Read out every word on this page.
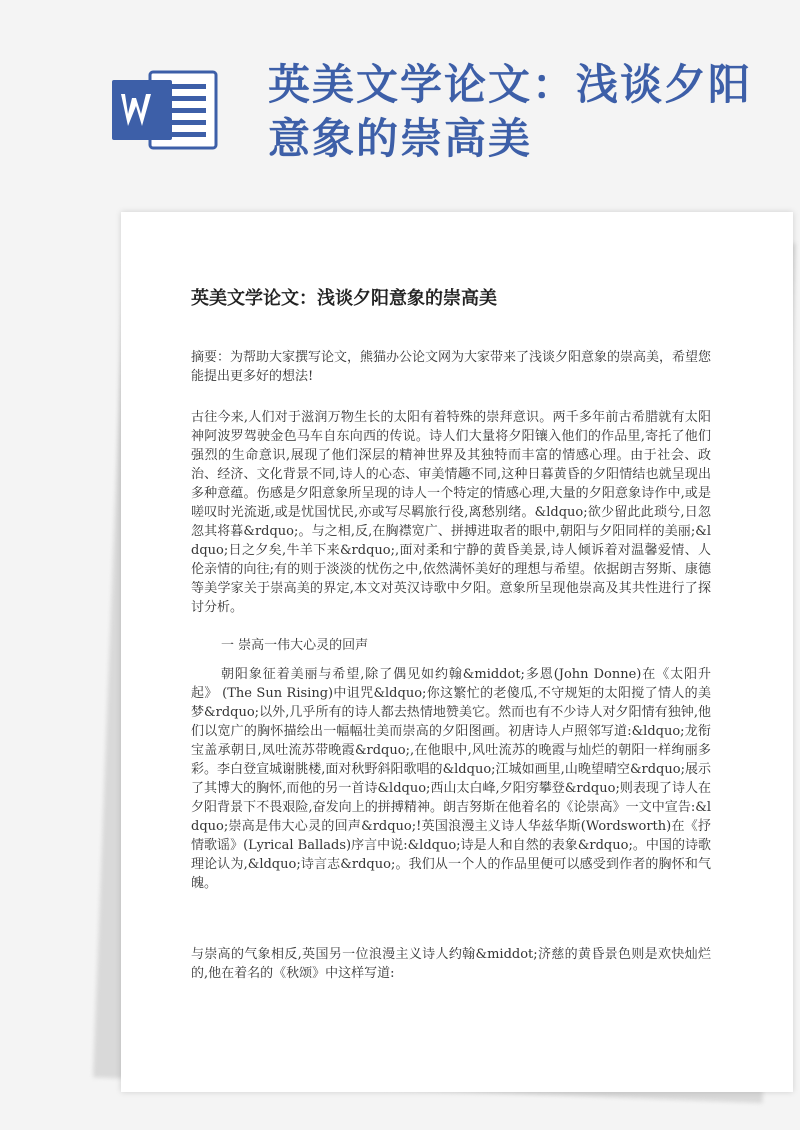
英美文学论文：浅谈夕阳意象的崇高美
英美文学论文：浅谈夕阳意象的崇高美
摘要：为帮助大家撰写论文，熊猫办公论文网为大家带来了浅谈夕阳意象的崇高美，希望您能提出更多好的想法!
古往今来,人们对于滋润万物生长的太阳有着特殊的崇拜意识。两千多年前古希腊就有太阳神阿波罗驾驶金色马车自东向西的传说。诗人们大量将夕阳镶入他们的作品里,寄托了他们强烈的生命意识,展现了他们深层的精神世界及其独特而丰富的情感心理。由于社会、政治、经济、文化背景不同,诗人的心态、审美情趣不同,这种日暮黄昏的夕阳情结也就呈现出多种意蕴。伤感是夕阳意象所呈现的诗人一个特定的情感心理,大量的夕阳意象诗作中,或是嗟叹时光流逝,或是忧国忧民,亦或写尽羁旅行役,离愁别绪。&ldquo;欲少留此此琐兮,日忽忽其将暮&rdquo;。与之相,反,在胸襟宽广、拼搏进取者的眼中,朝阳与夕阳同样的美丽;&ldquo;日之夕矣,牛羊下来&rdquo;,面对柔和宁静的黄昏美景,诗人倾诉着对温馨爱情、人伦亲情的向往;有的则于淡淡的忧伤之中,依然满怀美好的理想与希望。依据朗吉努斯、康德等美学家关于崇高美的界定,本文对英汉诗歌中夕阳。意象所呈现他崇高及其共性进行了探讨分析。
一 崇高一伟大心灵的回声
朝阳象征着美丽与希望,除了偶见如约翰&middot;多恩(John Donne)在《太阳升起》 (The Sun Rising)中诅咒&ldquo;你这繁忙的老傻瓜,不守规矩的太阳搅了情人的美梦&rdquo;以外,几乎所有的诗人都去热情地赞美它。然而也有不少诗人对夕阳情有独钟,他们以宽广的胸怀描绘出一幅幅壮美而崇高的夕阳图画。初唐诗人卢照邻写道:&ldquo;龙衔宝盖承朝日,凤吐流苏带晚霞&rdquo;,在他眼中,风吐流苏的晚霞与灿烂的朝阳一样绚丽多彩。李白登宣城谢朓楼,面对秋野斜阳歌唱的&ldquo;江城如画里,山晚望晴空&rdquo;展示了其博大的胸怀,而他的另一首诗&ldquo;西山太白峰,夕阳穷攀登&rdquo;则表现了诗人在夕阳背景下不畏艰险,奋发向上的拼搏精神。朗吉努斯在他着名的《论崇高》一文中宣告:&ldquo;崇高是伟大心灵的回声&rdquo;!英国浪漫主义诗人华兹华斯(Wordsworth)在《抒情歌谣》(Lyrical Ballads)序言中说:&ldquo;诗是人和自然的表象&rdquo;。中国的诗歌理论认为,&ldquo;诗言志&rdquo;。我们从一个人的作品里便可以感受到作者的胸怀和气魄。
与崇高的气象相反,英国另一位浪漫主义诗人约翰&middot;济慈的黄昏景色则是欢快灿烂的,他在着名的《秋颂》中这样写道:
